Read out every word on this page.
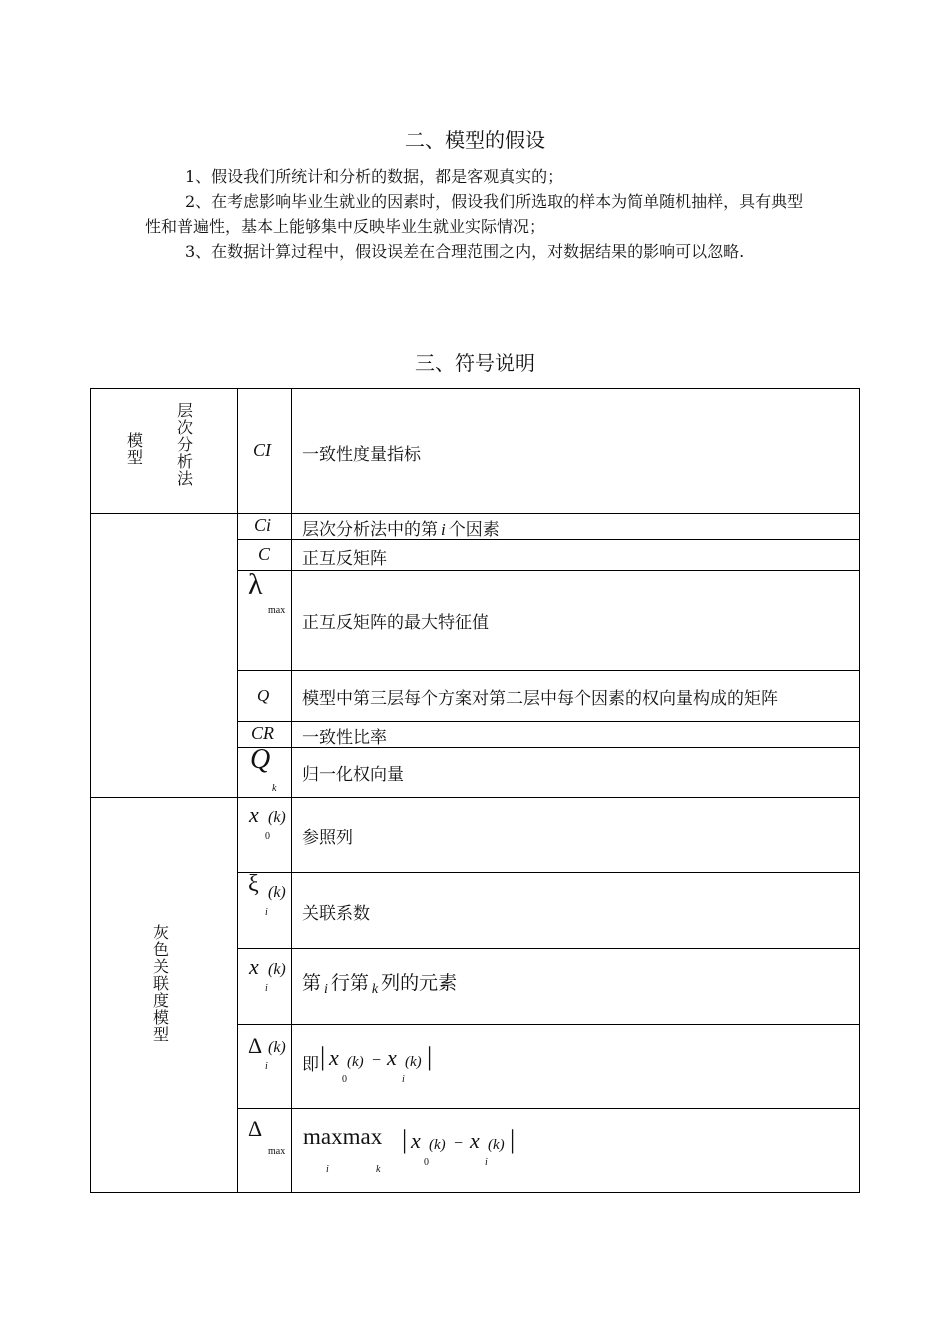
二、模型的假设
1、假设我们所统计和分析的数据，都是客观真实的；
2、在考虑影响毕业生就业的因素时，假设我们所选取的样本为简单随机抽样，具有典型性和普遍性，基本上能够集中反映毕业生就业实际情况；
3、在数据计算过程中，假设误差在合理范围之内，对数据结果的影响可以忽略.
三、符号说明
层
次
分
析
法
模
型
灰
色
关
联
度
模
型
CI 一致性度量指标
Ci 层次分析法中的第 i 个因素
C 正互反矩阵
λ
max
正互反矩阵的最大特征值
Q 模型中第三层每个方案对第二层中每个因素的权向量构成的矩阵
CR 一致性比率
Q
k
归一化权向量
x (k)
0 参照列
ξ (k)
i 关联系数
x (k)
i 第 $_i$ 行第 $_k$ 列的元素
Δ (k)
i 即 | x (k)
0
− x (k)
i
|
Δ
max
maxmax
i	k
| x (k)
0
− x (k)
i
|
